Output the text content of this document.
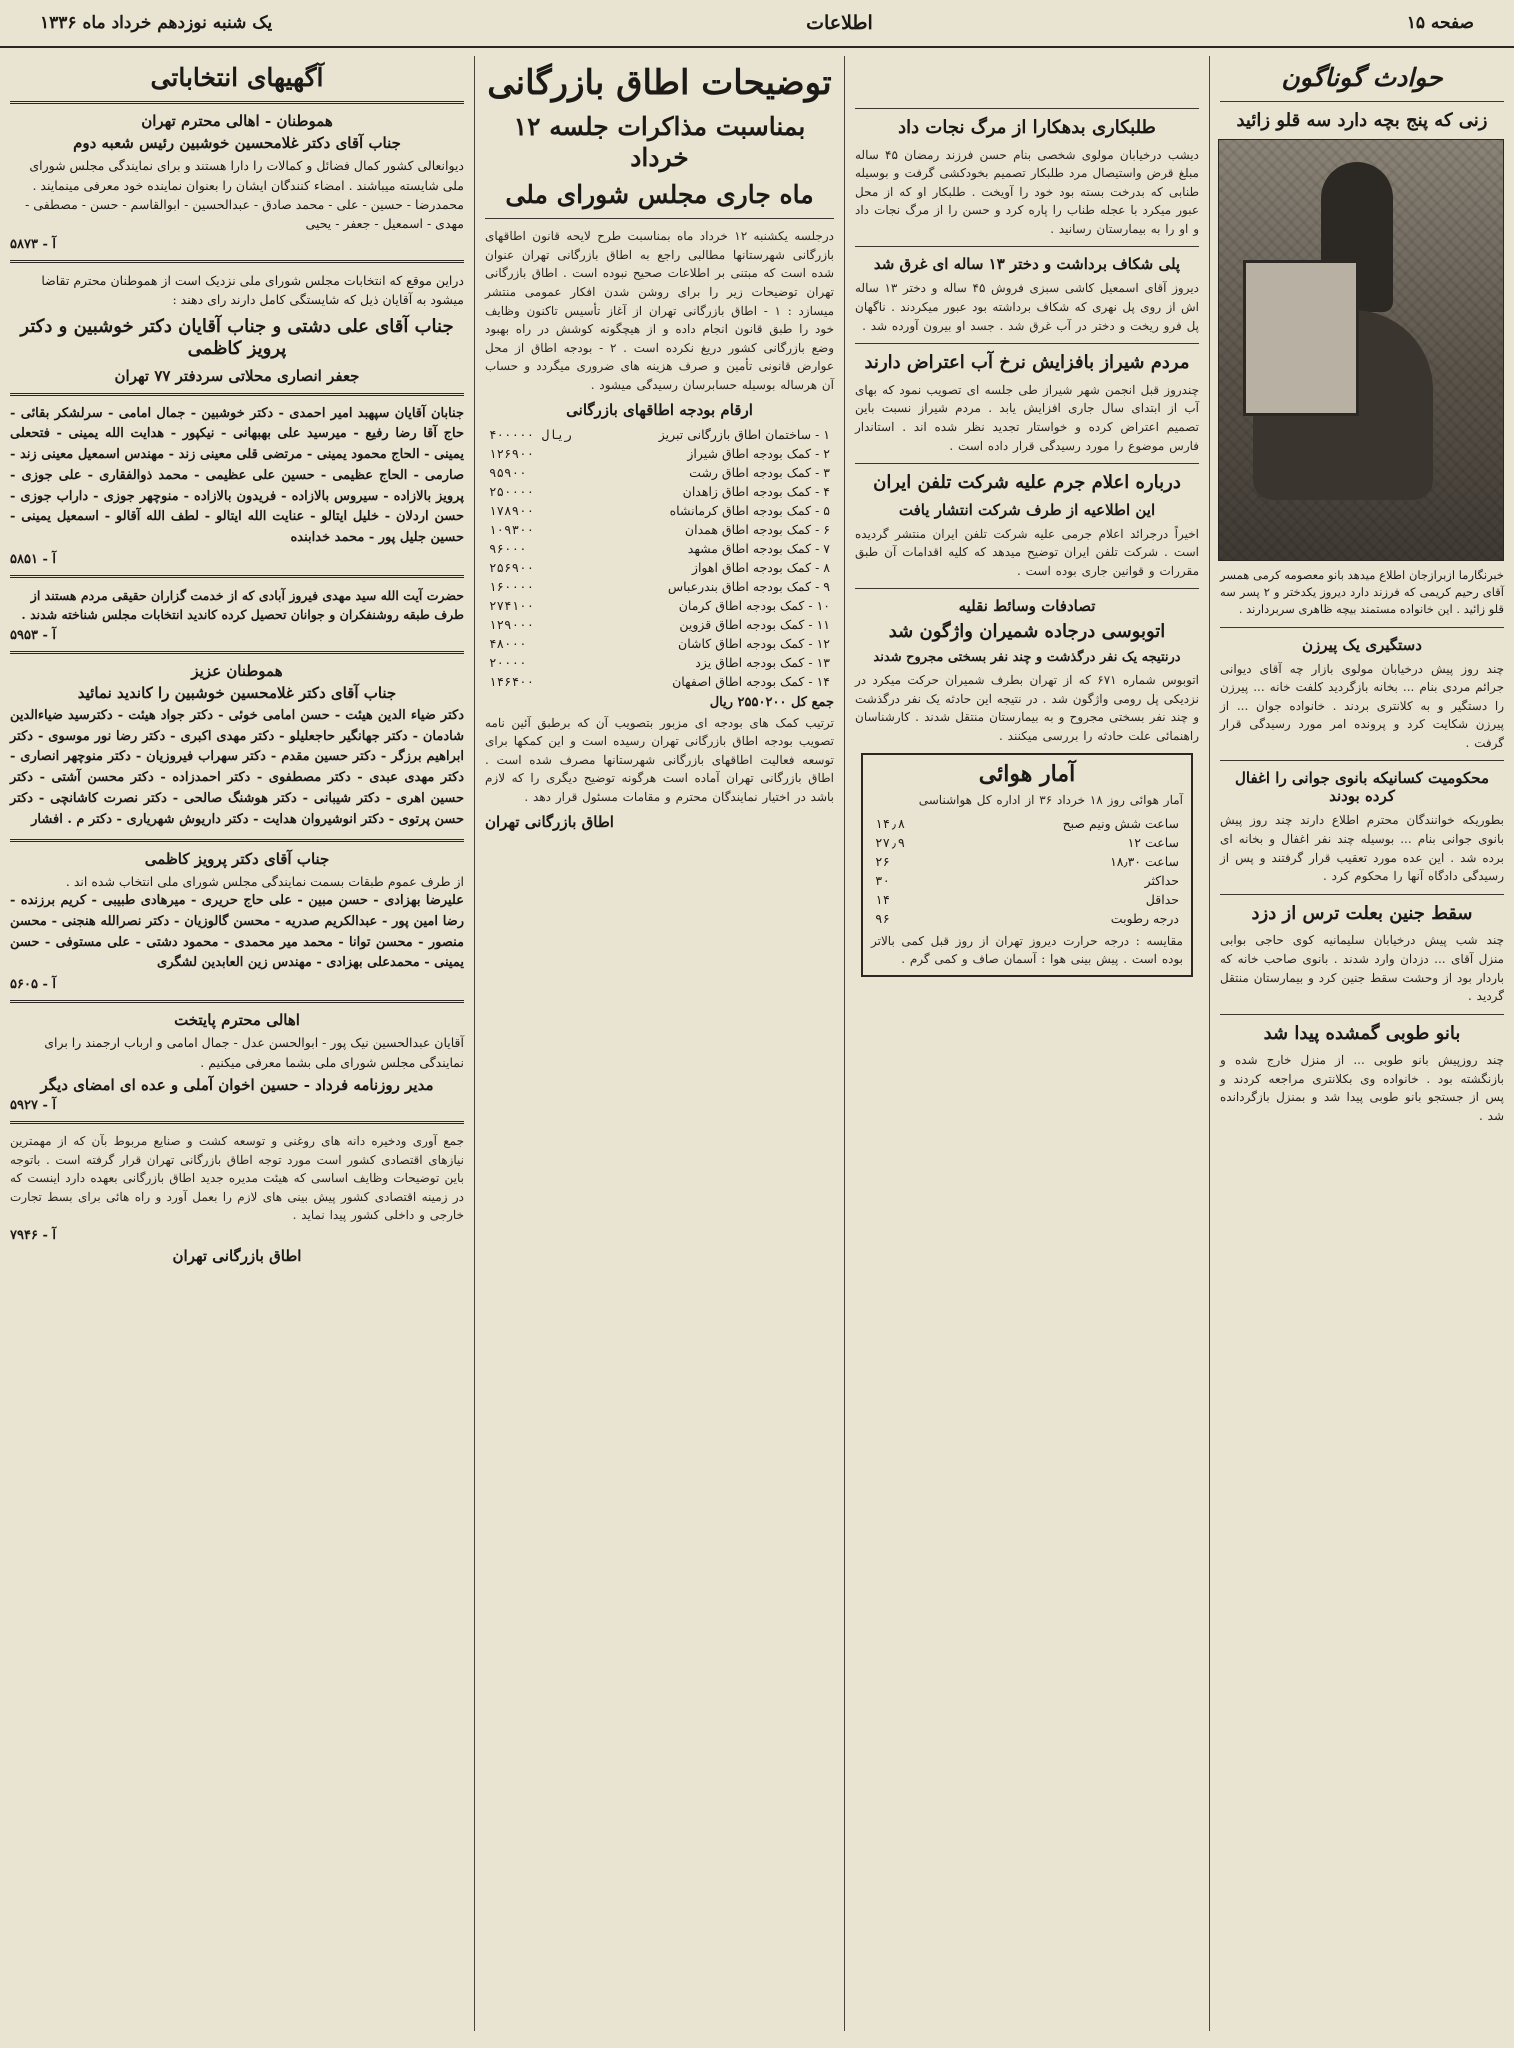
صفحه ۱۵
اطلاعات
یک شنبه نوزدهم خرداد ماه ۱۳۳۶
حوادث گوناگون
زنی که پنج بچه دارد سه قلو زائید
خبرنگارما ازبرازجان اطلاع میدهد بانو معصومه کرمی همسر آقای رحیم کریمی که فرزند دارد دیروز یکدختر و ۲ پسر سه قلو زائید . این خانواده مستمند بیچه ظاهری سربردارند .
دستگیری یک پیرزن
چند روز پیش درخیابان مولوی بازار چه آقای دیوانی جرائم مردی بنام ... بخانه بازگردید کلفت خانه ... پیرزن را دستگیر و به کلانتری بردند . خانواده جوان ... از پیرزن شکایت کرد و پرونده امر مورد رسیدگی قرار گرفت .
محکومیت کسانیکه بانوی جوانی را اغفال کرده بودند
بطوریکه خوانندگان محترم اطلاع دارند چند روز پیش بانوی جوانی بنام ... بوسیله چند نفر اغفال و بخانه ای برده شد . این عده مورد تعقیب قرار گرفتند و پس از رسیدگی دادگاه آنها را محکوم کرد .
سقط جنین بعلت ترس از دزد
چند شب پیش درخیابان سلیمانیه کوی حاجی بوابی منزل آقای ... دزدان وارد شدند . بانوی صاحب خانه که باردار بود از وحشت سقط جنین کرد و بیمارستان منتقل گردید .
بانو طوبی گمشده پیدا شد
چند روزپیش بانو طوبی ... از منزل خارج شده و بازنگشته بود . خانواده وی بکلانتری مراجعه کردند و پس از جستجو بانو طوبی پیدا شد و بمنزل بازگردانده شد .
طلبکاری بدهکارا از مرگ نجات داد
دیشب درخیابان مولوی شخصی بنام حسن فرزند رمضان ۴۵ ساله مبلغ قرض واستیصال مرد طلبکار تصمیم بخودکشی گرفت و بوسیله طنابی که بدرخت بسته بود خود را آویخت . طلبکار او که از محل عبور میکرد با عجله طناب را پاره کرد و حسن را از مرگ نجات داد و او را به بیمارستان رسانید .
پلی شکاف برداشت و دختر ۱۳ ساله ای غرق شد
دیروز آقای اسمعیل کاشی سبزی فروش ۴۵ ساله و دختر ۱۳ ساله اش از روی پل نهری که شکاف برداشته بود عبور میکردند . ناگهان پل فرو ریخت و دختر در آب غرق شد . جسد او بیرون آورده شد .
مردم شیراز بافزایش نرخ آب اعتراض دارند
چندروز قبل انجمن شهر شیراز طی جلسه ای تصویب نمود که بهای آب از ابتدای سال جاری افزایش یابد . مردم شیراز نسبت باین تصمیم اعتراض کرده و خواستار تجدید نظر شده اند . استاندار فارس موضوع را مورد رسیدگی قرار داده است .
درباره اعلام جرم علیه شرکت تلفن ایران
این اطلاعیه از طرف شرکت انتشار یافت
اخیراً درجرائد اعلام جرمی علیه شرکت تلفن ایران منتشر گردیده است . شرکت تلفن ایران توضیح میدهد که کلیه اقدامات آن طبق مقررات و قوانین جاری بوده است .
تصادفات وسائط نقلیه
اتوبوسی درجاده شمیران واژگون شد
درنتیجه یک نفر درگذشت و چند نفر بسختی مجروح شدند
اتوبوس شماره ۶۷۱ که از تهران بطرف شمیران حرکت میکرد در نزدیکی پل رومی واژگون شد . در نتیجه این حادثه یک نفر درگذشت و چند نفر بسختی مجروح و به بیمارستان منتقل شدند . کارشناسان راهنمائی علت حادثه را بررسی میکنند .
آمار هوائی
آمار هوائی روز ۱۸ خرداد ۳۶ از اداره کل هواشناسی
ساعت شش ونیم صبح	۱۴٫۸
ساعت ۱۲	۲۷٫۹
ساعت ۱۸٫۳۰	۲۶
حداکثر	۳۰
حداقل	۱۴
درجه رطوبت	۹۶
مقایسه : درجه حرارت دیروز تهران از روز قبل کمی بالاتر بوده است . پیش بینی هوا : آسمان صاف و کمی گرم .
توضیحات اطاق بازرگانی
بمناسبت مذاکرات جلسه ۱۲ خرداد
ماه جاری مجلس شورای ملی
درجلسه یکشنبه ۱۲ خرداد ماه بمناسبت طرح لایحه قانون اطاقهای بازرگانی شهرستانها مطالبی راجع به اطاق بازرگانی تهران عنوان شده است که مبتنی بر اطلاعات صحیح نبوده است . اطاق بازرگانی تهران توضیحات زیر را برای روشن شدن افکار عمومی منتشر میسازد : ۱ - اطاق بازرگانی تهران از آغاز تأسیس تاکنون وظایف خود را طبق قانون انجام داده و از هیچگونه کوشش در راه بهبود وضع بازرگانی کشور دریغ نکرده است . ۲ - بودجه اطاق از محل عوارض قانونی تأمین و صرف هزینه های ضروری میگردد و حساب آن هرساله بوسیله حسابرسان رسیدگی میشود .
ارقام بودجه اطاقهای بازرگانی
۱ - ساختمان اطاق بازرگانی تبریز	۴۰۰۰۰۰ ریال
۲ - کمک بودجه اطاق شیراز	۱۲۶۹۰۰
۳ - کمک بودجه اطاق رشت	۹۵۹۰۰
۴ - کمک بودجه اطاق زاهدان	۲۵۰۰۰۰
۵ - کمک بودجه اطاق کرمانشاه	۱۷۸۹۰۰
۶ - کمک بودجه اطاق همدان	۱۰۹۳۰۰
۷ - کمک بودجه اطاق مشهد	۹۶۰۰۰
۸ - کمک بودجه اطاق اهواز	۲۵۶۹۰۰
۹ - کمک بودجه اطاق بندرعباس	۱۶۰۰۰۰
۱۰ - کمک بودجه اطاق کرمان	۲۷۴۱۰۰
۱۱ - کمک بودجه اطاق قزوین	۱۲۹۰۰۰
۱۲ - کمک بودجه اطاق کاشان	۴۸۰۰۰
۱۳ - کمک بودجه اطاق یزد	۲۰۰۰۰
۱۴ - کمک بودجه اطاق اصفهان	۱۴۶۴۰۰
جمع کل ۲۵۵۰۲۰۰ ریال
ترتیب کمک های بودجه ای مزبور بتصویب آن که برطبق آئین نامه تصویب بودجه اطاق بازرگانی تهران رسیده است و این کمکها برای توسعه فعالیت اطاقهای بازرگانی شهرستانها مصرف شده است . اطاق بازرگانی تهران آماده است هرگونه توضیح دیگری را که لازم باشد در اختیار نمایندگان محترم و مقامات مسئول قرار دهد .
اطاق بازرگانی تهران
آگهیهای انتخاباتی
هموطنان - اهالی محترم تهران
جناب آقای دکتر غلامحسین خوشبین رئیس شعبه دوم
دیوانعالی کشور کمال فضائل و کمالات را دارا هستند و برای نمایندگی مجلس شورای ملی شایسته میباشند . امضاء کنندگان ایشان را بعنوان نماینده خود معرفی مینمایند .
محمدرضا - حسین - علی - محمد صادق - عبدالحسین - ابوالقاسم - حسن - مصطفی - مهدی - اسمعیل - جعفر - یحیی
آ - ۵۸۷۳
دراین موقع که انتخابات مجلس شورای ملی نزدیک است از هموطنان محترم تقاضا میشود به آقایان ذیل که شایستگی کامل دارند رای دهند :
جناب آقای علی دشتی و جناب آقایان دکتر خوشبین و دکتر پرویز کاظمی
جعفر انصاری محلاتی سردفتر ۷۷ تهران
جنابان آقایان سپهبد امیر احمدی - دکتر خوشبین - جمال امامی - سرلشکر بقائی - حاج آقا رضا رفیع - میرسید علی بهبهانی - نیکپور - هدایت الله یمینی - فتحعلی یمینی - الحاج محمود یمینی - مرتضی قلی معینی زند - مهندس اسمعیل معینی زند - صارمی - الحاج عظیمی - حسین علی عظیمی - محمد ذوالفقاری - علی جوزی - پرویز بالازاده - سیروس بالازاده - فریدون بالازاده - منوچهر جوزی - داراب جوزی - حسن اردلان - خلیل ایتالو - عنایت الله ایتالو - لطف الله آقالو - اسمعیل یمینی - حسین جلیل پور - محمد خدابنده
آ - ۵۸۵۱
حضرت آیت الله سید مهدی فیروز آبادی که از خدمت گزاران حقیقی مردم هستند از طرف طبقه روشنفکران و جوانان تحصیل کرده کاندید انتخابات مجلس شناخته شدند .
آ - ۵۹۵۳
هموطنان عزیز
جناب آقای دکتر غلامحسین خوشبین را کاندید نمائید
دکتر ضیاء الدین هیئت - حسن امامی خوئی - دکتر جواد هیئت - دکترسید ضیاءالدین شادمان - دکتر جهانگیر حاجعلیلو - دکتر مهدی اکبری - دکتر رضا نور موسوی - دکتر ابراهیم برزگر - دکتر حسین مقدم - دکتر سهراب فیروزیان - دکتر منوچهر انصاری - دکتر مهدی عبدی - دکتر مصطفوی - دکتر احمدزاده - دکتر محسن آشتی - دکتر حسین اهری - دکتر شیبانی - دکتر هوشنگ صالحی - دکتر نصرت کاشانچی - دکتر حسن پرتوی - دکتر انوشیروان هدایت - دکتر داریوش شهریاری - دکتر م . افشار
جناب آقای دکتر پرویز کاظمی
از طرف عموم طبقات بسمت نمایندگی مجلس شورای ملی انتخاب شده اند .
علیرضا بهزادی - حسن مبین - علی حاج حریری - میرهادی طبیبی - کریم برزنده - رضا امین پور - عبدالکریم صدریه - محسن گالوزیان - دکتر نصرالله هنجنی - محسن منصور - محسن توانا - محمد میر محمدی - محمود دشتی - علی مستوفی - حسن یمینی - محمدعلی بهزادی - مهندس زین العابدین لشگری
آ - ۵۶۰۵
اهالی محترم پایتخت
آقایان عبدالحسین نیک پور - ابوالحسن عدل - جمال امامی و ارباب ارجمند را برای نمایندگی مجلس شورای ملی بشما معرفی میکنیم .
مدیر روزنامه فرداد - حسین اخوان آملی و عده ای امضای دیگر
آ - ۵۹۲۷
جمع آوری ودخیره دانه های روغنی و توسعه کشت و صنایع مربوط بآن که از مهمترین نیازهای اقتصادی کشور است مورد توجه اطاق بازرگانی تهران قرار گرفته است . باتوجه باین توضیحات وظایف اساسی که هیئت مدیره جدید اطاق بازرگانی بعهده دارد اینست که در زمینه اقتصادی کشور پیش بینی های لازم را بعمل آورد و راه هائی برای بسط تجارت خارجی و داخلی کشور پیدا نماید .
آ - ۷۹۴۶
اطاق بازرگانی تهران
